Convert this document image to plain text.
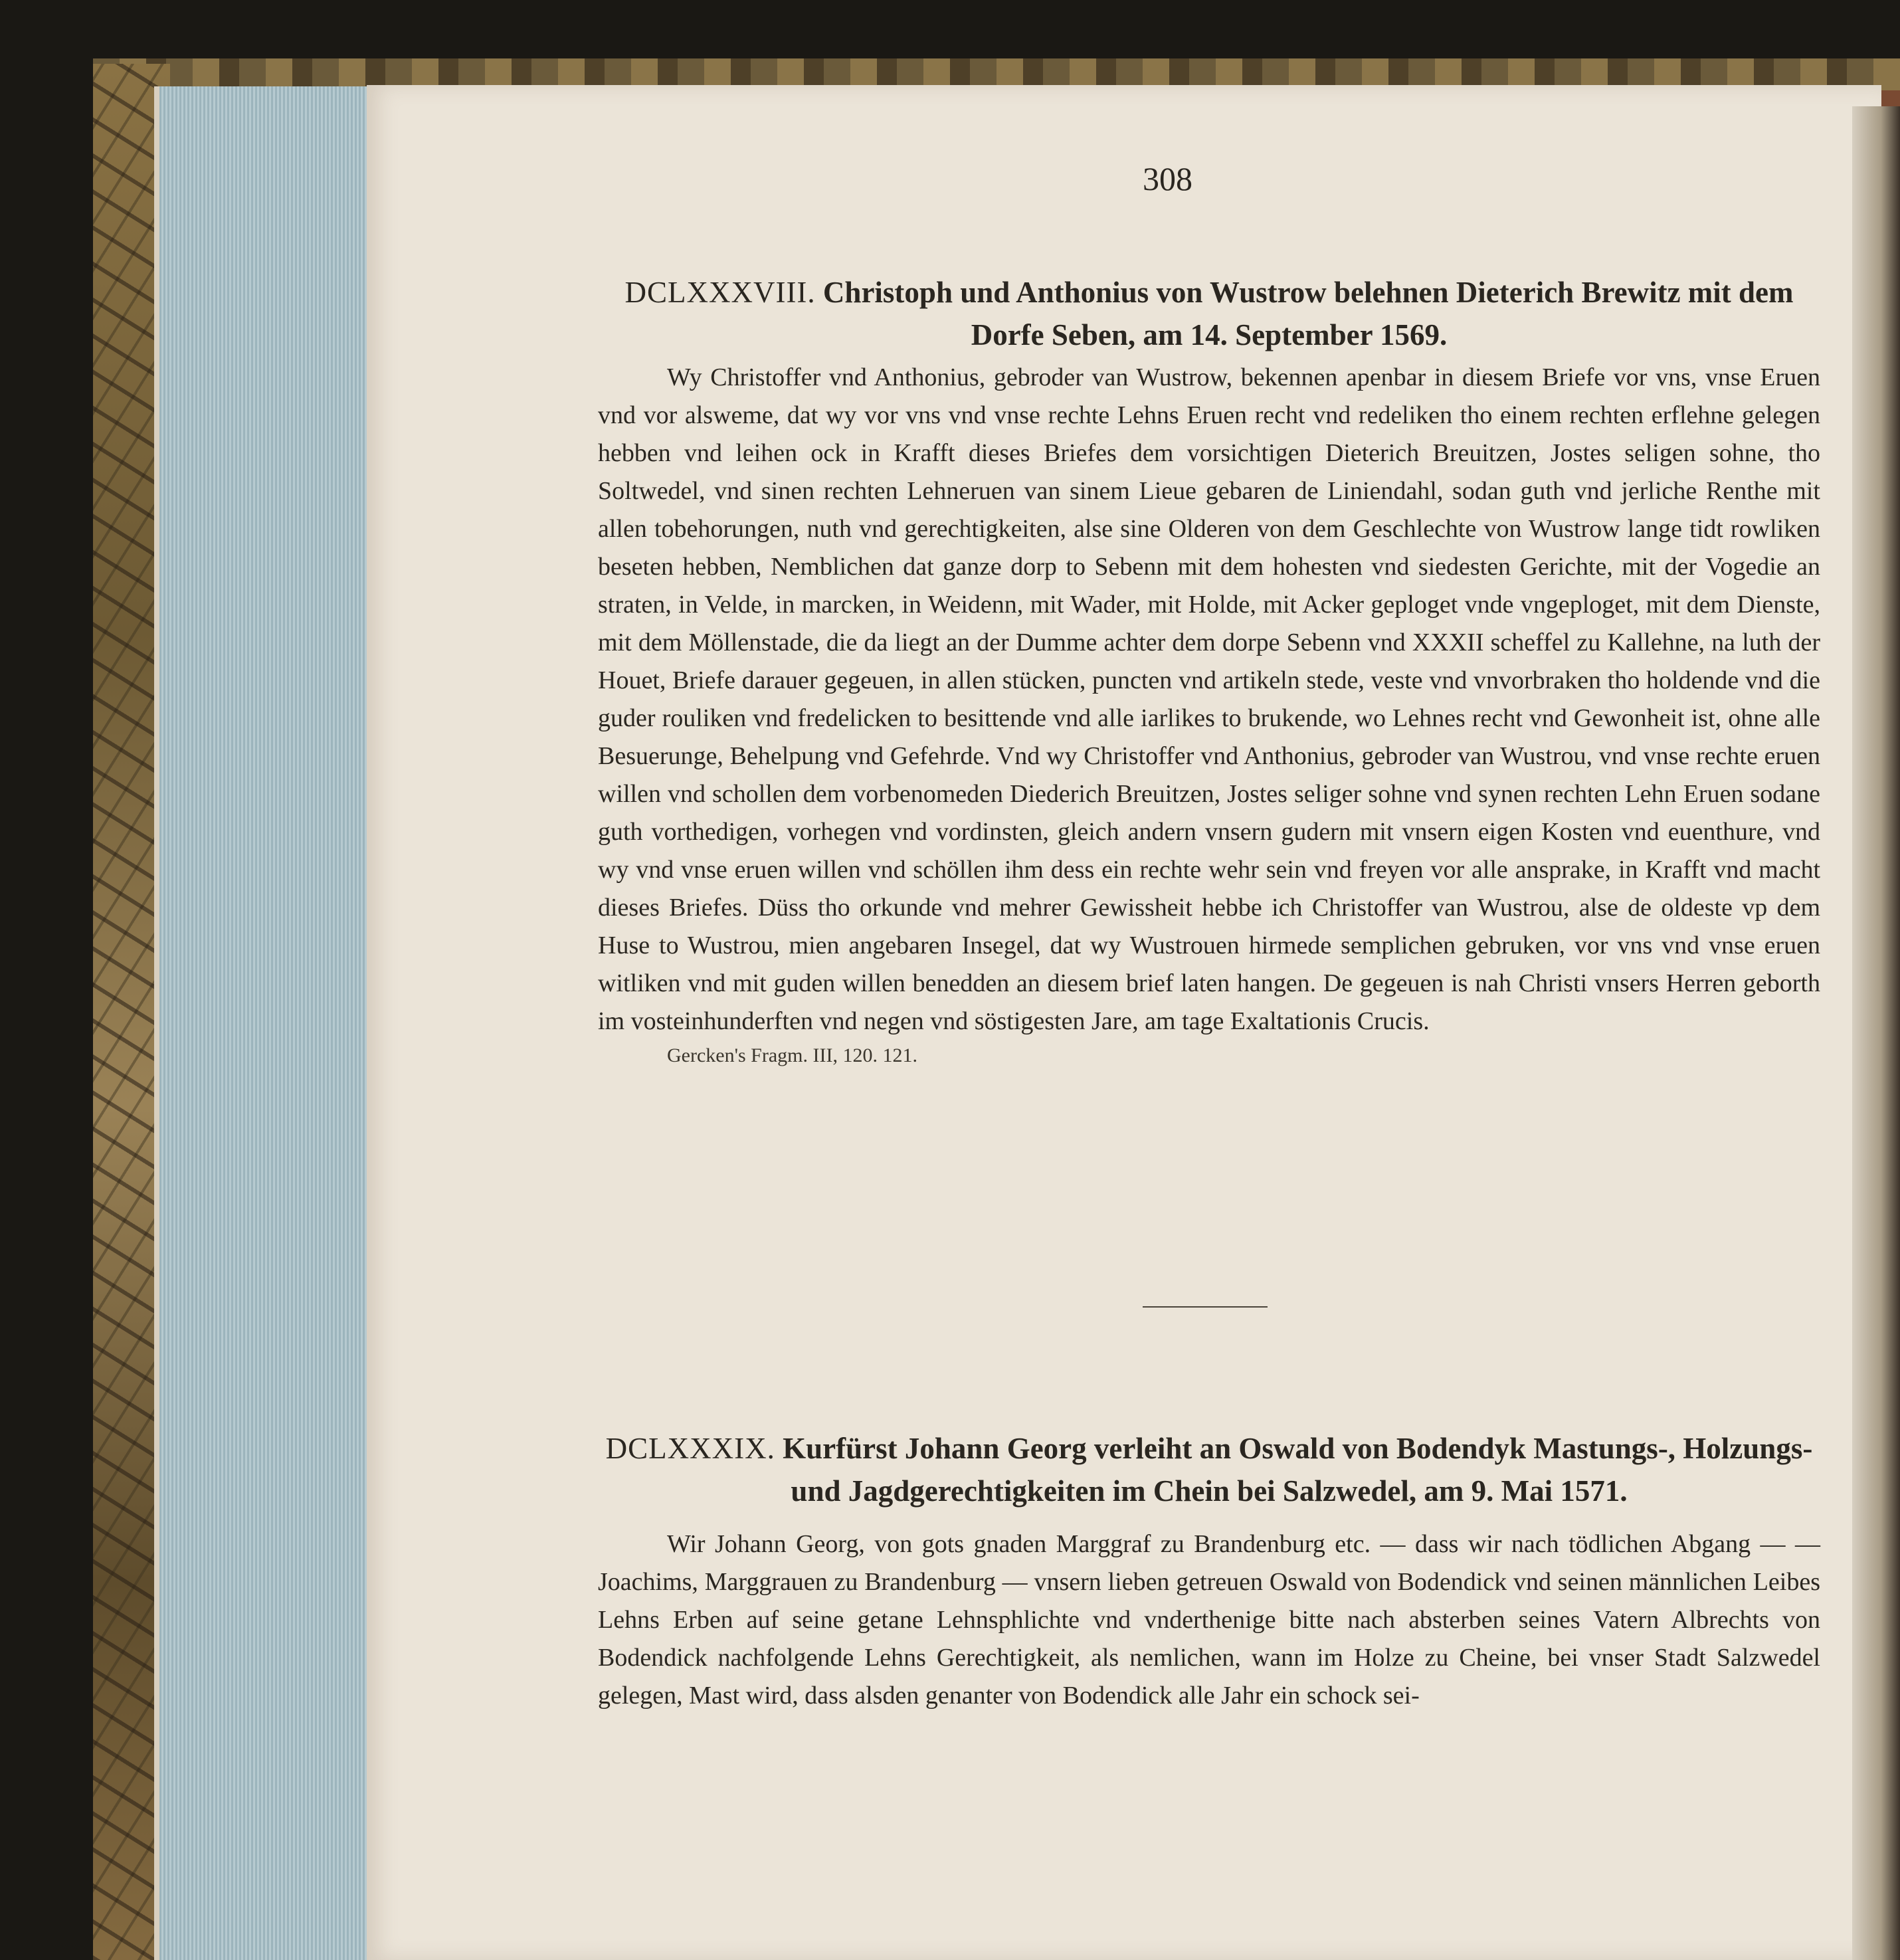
308
DCLXXXVIII. Christoph und Anthonius von Wustrow belehnen Dieterich Brewitz mit dem Dorfe Seben, am 14. September 1569.

Wy Christoffer vnd Anthonius, gebroder van Wustrow, bekennen apenbar in diesem Briefe vor vns, vnse Eruen vnd vor alsweme, dat wy vor vns vnd vnse rechte Lehns Eruen recht vnd redeliken tho einem rechten erflehne gelegen hebben vnd leihen ock in Krafft dieses Briefes dem vorsichtigen Dieterich Breuitzen, Jostes seligen sohne, tho Soltwedel, vnd sinen rechten Lehneruen van sinem Lieue gebaren de Liniendahl, sodan guth vnd jerliche Renthe mit allen tobehorungen, nuth vnd gerechtigkeiten, alse sine Olderen von dem Geschlechte von Wustrow lange tidt rowliken beseten hebben, Nemblichen dat ganze dorp to Sebenn mit dem hohesten vnd siedesten Gerichte, mit der Vogedie an straten, in Velde, in marcken, in Weidenn, mit Wader, mit Holde, mit Acker geploget vnde vngeploget, mit dem Dienste, mit dem Möllenstade, die da liegt an der Dumme achter dem dorpe Sebenn vnd XXXII scheffel zu Kallehne, na luth der Houet, Briefe darauer gegeuen, in allen stücken, puncten vnd artikeln stede, veste vnd vnvorbraken tho holdende vnd die guder rouliken vnd fredelicken to besittende vnd alle iarlikes to brukende, wo Lehnes recht vnd Gewonheit ist, ohne alle Besuerunge, Behelpung vnd Gefehrde. Vnd wy Christoffer vnd Anthonius, gebroder van Wustrou, vnd vnse rechte eruen willen vnd schollen dem vorbenomeden Diederich Breuitzen, Jostes seliger sohne vnd synen rechten Lehn Eruen sodane guth vorthedigen, vorhegen vnd vordinsten, gleich andern vnsern gudern mit vnsern eigen Kosten vnd euenthure, vnd wy vnd vnse eruen willen vnd schöllen ihm dess ein rechte wehr sein vnd freyen vor alle ansprake, in Krafft vnd macht dieses Briefes. Düss tho orkunde vnd mehrer Gewissheit hebbe ich Christoffer van Wustrou, alse de oldeste vp dem Huse to Wustrou, mien angebaren Insegel, dat wy Wustrouen hirmede semplichen gebruken, vor vns vnd vnse eruen witliken vnd mit guden willen benedden an diesem brief laten hangen. De gegeuen is nah Christi vnsers Herren geborth im vosteinhunderften vnd negen vnd söstigesten Jare, am tage Exaltationis Crucis.

Gercken's Fragm. III, 120. 121.
DCLXXXIX. Kurfürst Johann Georg verleiht an Oswald von Bodendyk Mastungs-, Holzungs- und Jagdgerechtigkeiten im Chein bei Salzwedel, am 9. Mai 1571.

Wir Johann Georg, von gots gnaden Marggraf zu Brandenburg etc. — dass wir nach tödlichen Abgang — — Joachims, Marggrauen zu Brandenburg — vnsern lieben getreuen Oswald von Bodendick vnd seinen männlichen Leibes Lehns Erben auf seine getane Lehnsphlichte vnd vnderthenige bitte nach absterben seines Vatern Albrechts von Bodendick nachfolgende Lehns Gerechtigkeit, als nemlichen, wann im Holze zu Cheine, bei vnser Stadt Salzwedel gelegen, Mast wird, dass alsden genanter von Bodendick alle Jahr ein schock sei-
